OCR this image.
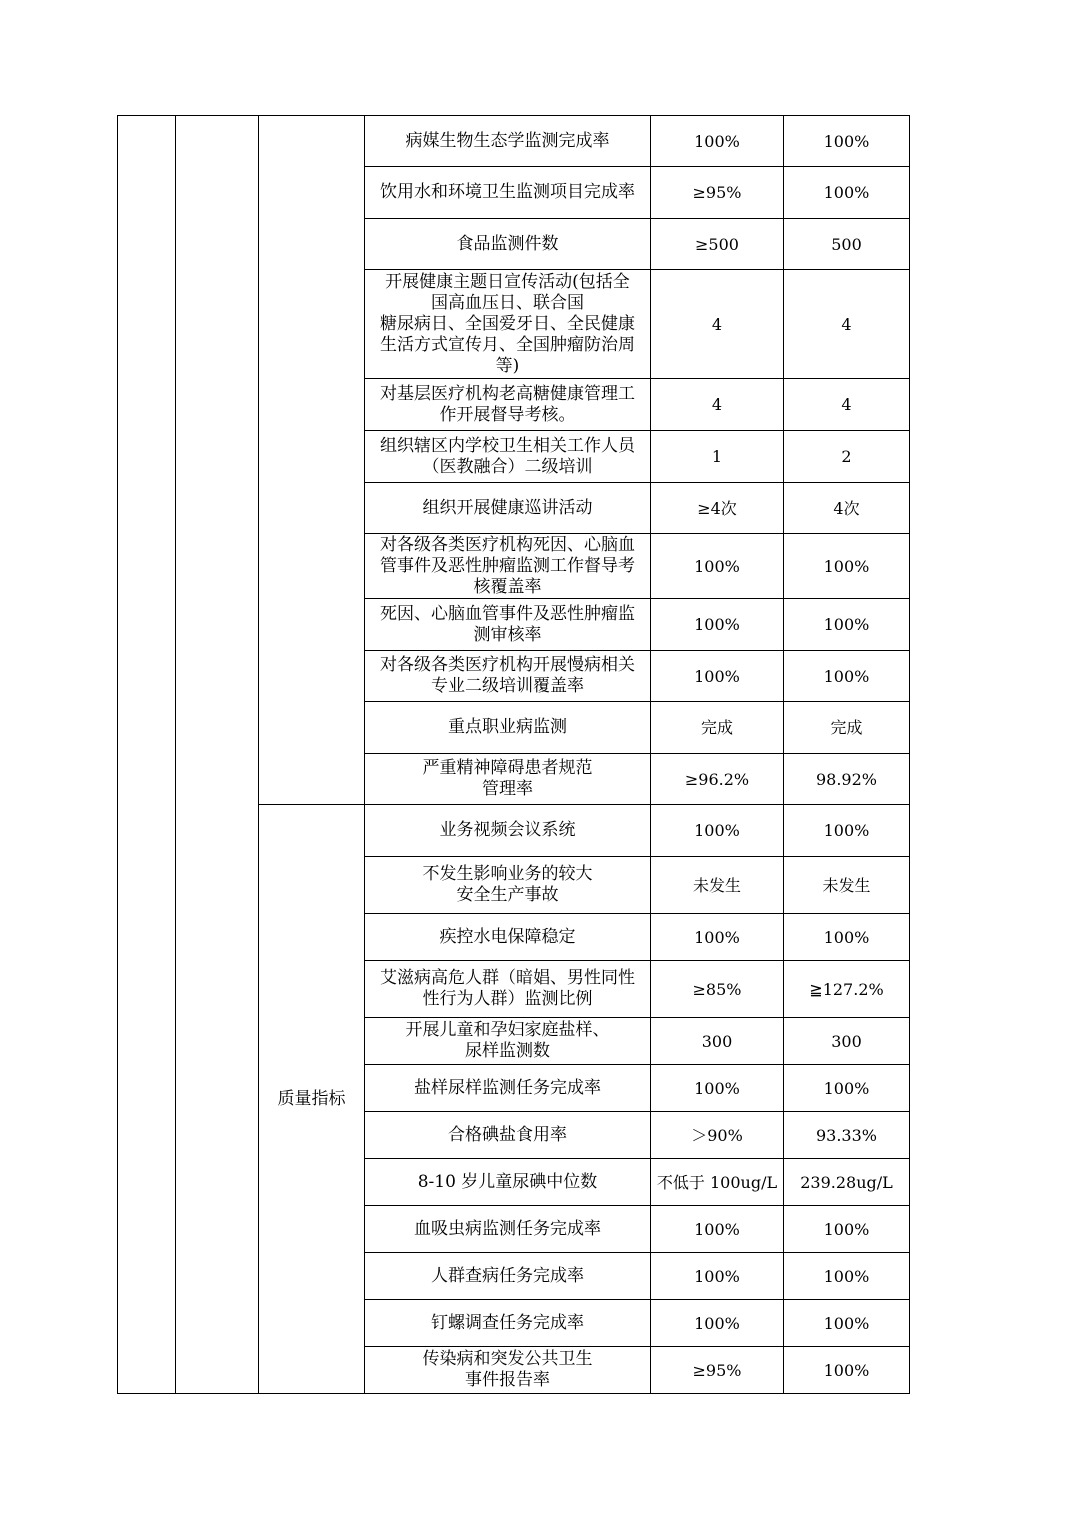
			病媒生物生态学监测完成率	100%	100%
			饮用水和环境卫生监测项目完成率	≥95%	100%
			食品监测件数	≥500	500
			开展健康主题日宣传活动(包括全
国高血压日、联合国
糖尿病日、全国爱牙日、全民健康
生活方式宣传月、全国肿瘤防治周
等)	4	4
			对基层医疗机构老高糖健康管理工
作开展督导考核。	4	4
			组织辖区内学校卫生相关工作人员
（医教融合）二级培训	1	2
			组织开展健康巡讲活动	≥4次	4次
			对各级各类医疗机构死因、心脑血
管事件及恶性肿瘤监测工作督导考
核覆盖率	100%	100%
			死因、心脑血管事件及恶性肿瘤监
测审核率	100%	100%
			对各级各类医疗机构开展慢病相关
专业二级培训覆盖率	100%	100%
			重点职业病监测	完成	完成
			严重精神障碍患者规范
管理率	≥96.2%	98.92%
		质量指标	业务视频会议系统	100%	100%
			不发生影响业务的较大
安全生产事故	未发生	未发生
			疾控水电保障稳定	100%	100%
			艾滋病高危人群（暗娼、男性同性
性行为人群）监测比例	≥85%	≧127.2%
			开展儿童和孕妇家庭盐样、
尿样监测数	300	300
			盐样尿样监测任务完成率	100%	100%
			合格碘盐食用率	＞90%	93.33%
			8-10 岁儿童尿碘中位数	不低于 100ug/L	239.28ug/L
			血吸虫病监测任务完成率	100%	100%
			人群查病任务完成率	100%	100%
			钉螺调查任务完成率	100%	100%
			传染病和突发公共卫生
事件报告率	≥95%	100%
